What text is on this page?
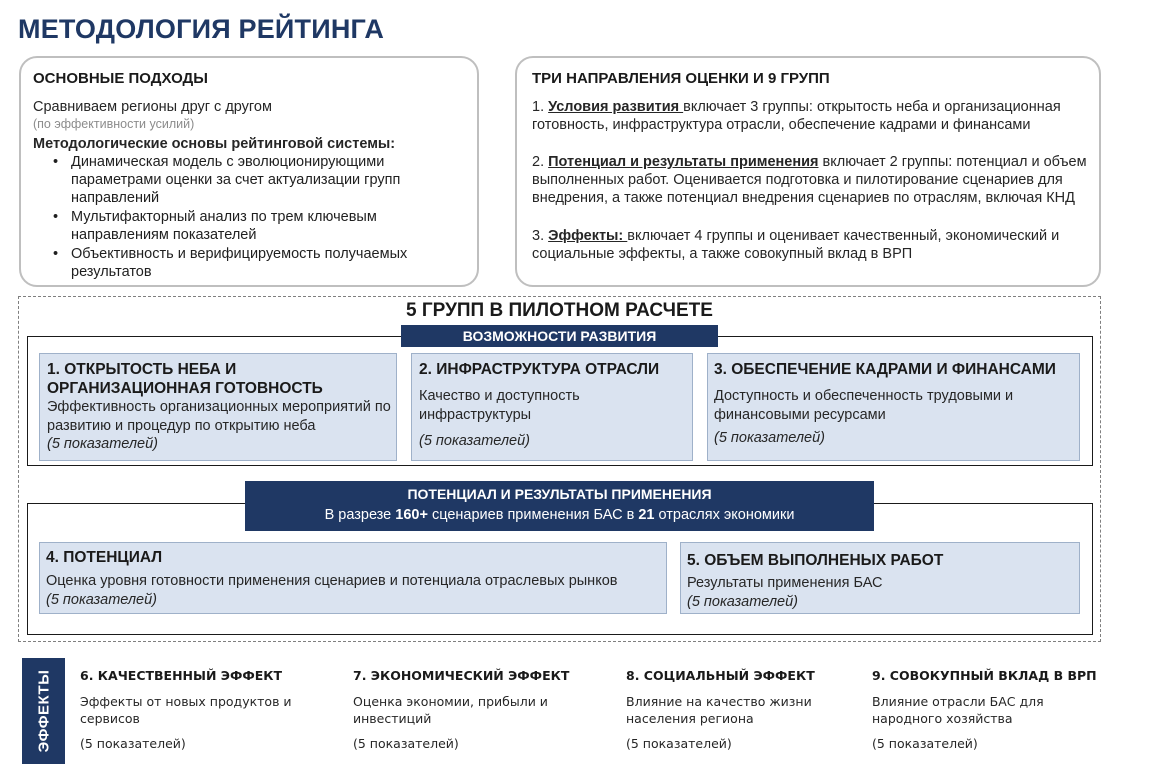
МЕТОДОЛОГИЯ РЕЙТИНГА
ОСНОВНЫЕ ПОДХОДЫ
Сравниваем регионы друг с другом
(по эффективности усилий)
Методологические основы рейтинговой системы:
• Динамическая модель с эволюционирующими параметрами оценки за счет актуализации групп направлений
• Мультифакторный анализ по трем ключевым направлениям показателей
• Объективность и верифицируемость получаемых результатов
ТРИ НАПРАВЛЕНИЯ ОЦЕНКИ И 9 ГРУПП
1. Условия развития включает 3 группы: открытость неба и организационная готовность, инфраструктура отрасли, обеспечение кадрами и финансами
2. Потенциал и результаты применения включает 2 группы: потенциал и объем выполненных работ. Оценивается подготовка и пилотирование сценариев для внедрения, а также потенциал внедрения сценариев по отраслям, включая КНД
3. Эффекты: включает 4 группы и оценивает качественный, экономический и социальные эффекты, а также совокупный вклад в ВРП
5 ГРУПП В ПИЛОТНОМ РАСЧЕТЕ
ВОЗМОЖНОСТИ РАЗВИТИЯ
1. ОТКРЫТОСТЬ НЕБА И ОРГАНИЗАЦИОННАЯ ГОТОВНОСТЬ
Эффективность организационных мероприятий по развитию и процедур по открытию неба
(5 показателей)
2. ИНФРАСТРУКТУРА ОТРАСЛИ
Качество и доступность инфраструктуры
(5 показателей)
3. ОБЕСПЕЧЕНИЕ КАДРАМИ И ФИНАНСАМИ
Доступность и обеспеченность трудовыми и финансовыми ресурсами
(5 показателей)
ПОТЕНЦИАЛ И РЕЗУЛЬТАТЫ ПРИМЕНЕНИЯ
В разрезе 160+ сценариев применения БАС в 21 отраслях экономики
4. ПОТЕНЦИАЛ
Оценка уровня готовности применения сценариев и потенциала отраслевых рынков
(5 показателей)
5. ОБЪЕМ ВЫПОЛНЕНЫХ РАБОТ
Результаты применения БАС
(5 показателей)
ЭФФЕКТЫ 6. КАЧЕСТВЕННЫЙ ЭФФЕКТ
Эффекты от новых продуктов и сервисов
(5 показателей)
7. ЭКОНОМИЧЕСКИЙ ЭФФЕКТ
Оценка экономии, прибыли и инвестиций
(5 показателей)
8. СОЦИАЛЬНЫЙ ЭФФЕКТ
Влияние на качество жизни населения региона
(5 показателей)
9. СОВОКУПНЫЙ ВКЛАД В ВРП
Влияние отрасли БАС для народного хозяйства
(5 показателей)
